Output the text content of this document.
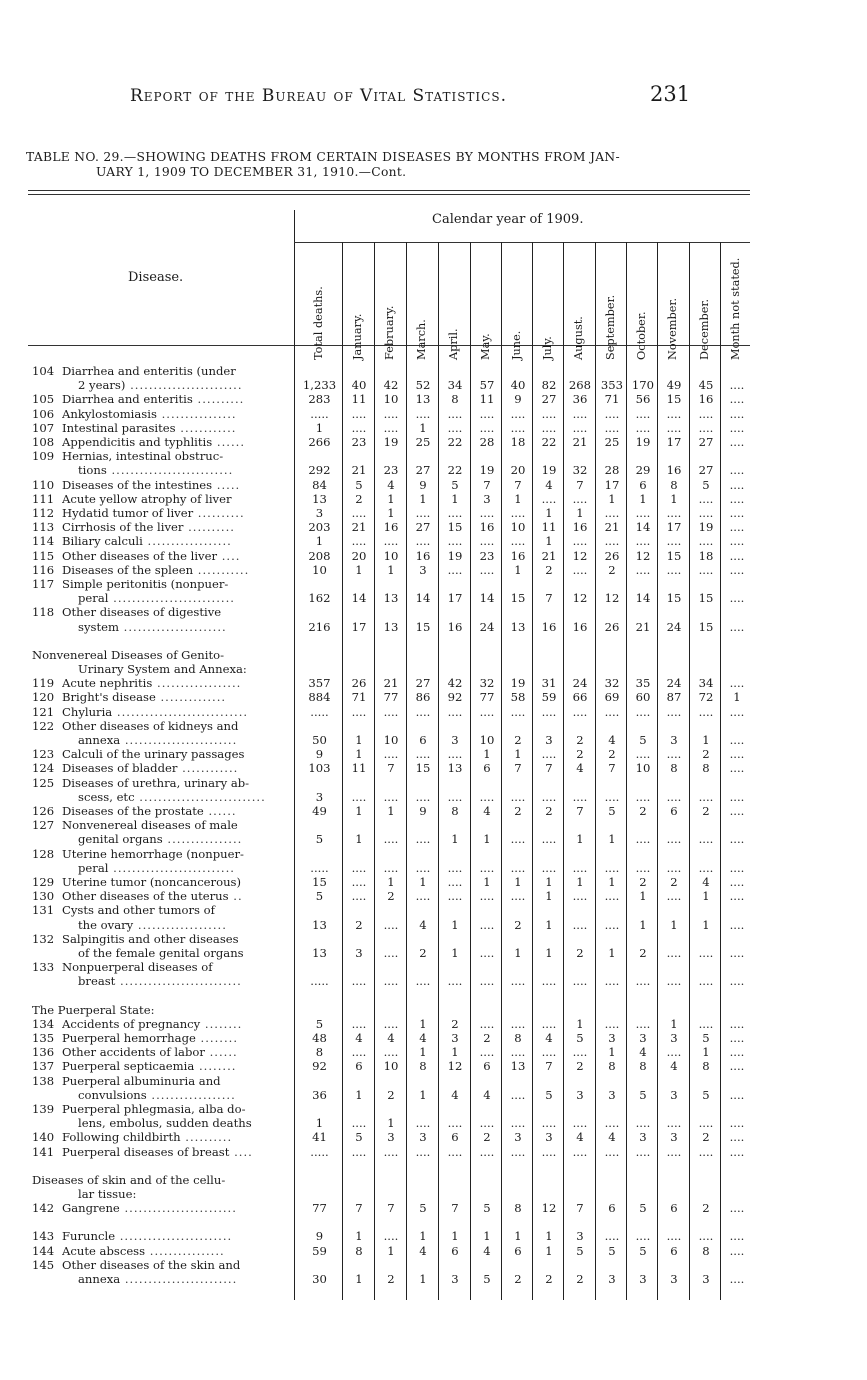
Report of the Bureau of Vital Statistics.	231
TABLE NO. 29.—SHOWING DEATHS FROM CERTAIN DISEASES BY MONTHS FROM JAN-
UARY 1, 1909 TO DECEMBER 31, 1910.—Cont.
Disease.
Calendar year of 1909.
Total deaths. January. February. March. April. May. June. July. August. September. October. November. December. Month not stated.
104 Diarrhea and enteritis (under
2 years) ........................	1,233	40	42	52	34	57	40	82	268 353 170	49	45	....
105 Diarrhea and enteritis ..........	283	11	10	13	8	11	9	27	36	71	56	15	16	....
106 Ankylostomiasis ................	.....	....	....	....	....	....	....	....	....	....	....	....	....	....
107 Intestinal parasites ............	1	....	....	1	....	....	....	....	....	....	....	....	....	....
108 Appendicitis and typhlitis ......	266	23	19	25	22	28	18	22	21	25	19	17	27	....
109 Hernias, intestinal obstruc-
tions ..........................	292	21	23	27	22	19	20	19	32	28	29	16	27	....
110 Diseases of the intestines .....	84	5	4	9	5	7	7	4	7	17	6	8	5	....
111 Acute yellow atrophy of liver	13	2	1	1	1	3	1	....	....	1	1	1	....	....
112 Hydatid tumor of liver ..........	3	....	1	....	....	....	....	1	1	....	....	....	....	....
113 Cirrhosis of the liver ..........	203	21	16	27	15	16	10	11	16	21	14	17	19	....
114 Biliary calculi ..................	1	....	....	....	....	....	....	1	....	....	....	....	....	....
115 Other diseases of the liver ....	208	20	10	16	19	23	16	21	12	26	12	15	18	....
116 Diseases of the spleen ...........	10	1	1	3	....	....	1	2	....	2	....	....	....	....
117 Simple peritonitis (nonpuer-
peral ..........................	162	14	13	14	17	14	15	7	12	12	14	15	15	....
118 Other diseases of digestive
system ......................	216	17	13	15	16	24	13	16	16	26	21	24	15	....
Nonvenereal Diseases of Genito-
Urinary System and Annexa:
119 Acute nephritis ..................	357	26	21	27	42	32	19	31	24	32	35	24	34	....
120 Bright's disease ..............	884	71	77	86	92	77	58	59	66	69	60	87	72	1
121 Chyluria ............................	.....	....	....	....	....	....	....	....	....	....	....	....	....	....
122 Other diseases of kidneys and
annexa ........................	50	1	10	6	3	10	2	3	2	4	5	3	1	....
123 Calculi of the urinary passages	9	1	....	....	....	1	1	....	2	2	....	....	2	....
124 Diseases of bladder ............	103	11	7	15	13	6	7	7	4	7	10	8	8	....
125 Diseases of urethra, urinary ab-
scess, etc ...........................	3	....	....	....	....	....	....	....	....	....	....	....	....	....
126 Diseases of the prostate ......	49	1	1	9	8	4	2	2	7	5	2	6	2	....
127 Nonvenereal diseases of male
genital organs ................	5	1	....	....	1	1	....	....	1	1	....	....	....	....
128 Uterine hemorrhage (nonpuer-
peral ..........................	.....	....	....	....	....	....	....	....	....	....	....	....	....	....
129 Uterine tumor (noncancerous)	15	....	1	1	....	1	1	1	1	1	2	2	4	....
130 Other diseases of the uterus ..	5	....	2	....	....	....	....	1	....	....	1	....	1	....
131 Cysts and other tumors of
the ovary ...................	13	2	....	4	1	....	2	1	....	....	1	1	1	....
132 Salpingitis and other diseases
of the female genital organs	13	3	....	2	1	....	1	1	2	1	2	....	....	....
133 Nonpuerperal diseases of
breast ..........................	.....	....	....	....	....	....	....	....	....	....	....	....	....	....
The Puerperal State:
134 Accidents of pregnancy ........	5	....	....	1	2	....	....	....	1	....	....	1	....	....
135 Puerperal hemorrhage ........	48	4	4	4	3	2	8	4	5	3	3	3	5	....
136 Other accidents of labor ......	8	....	....	1	1	....	....	....	....	1	4	....	1	....
137 Puerperal septicaemia ........	92	6	10	8	12	6	13	7	2	8	8	4	8	....
138 Puerperal albuminuria and
convulsions ..................	36	1	2	1	4	4	....	5	3	3	5	3	5	....
139 Puerperal phlegmasia, alba do-
lens, embolus, sudden deaths	1	....	1	....	....	....	....	....	....	....	....	....	....	....
140 Following childbirth ..........	41	5	3	3	6	2	3	3	4	4	3	3	2	....
141 Puerperal diseases of breast ....	.....	....	....	....	....	....	....	....	....	....	....	....	....	....
Diseases of skin and of the cellu-
lar tissue:
142 Gangrene ........................	77	7	7	5	7	5	8	12	7	6	5	6	2	....
143 Furuncle ........................	9	1	....	1	1	1	1	1	3	....	....	....	....	....
144 Acute abscess ................	59	8	1	4	6	4	6	1	5	5	5	6	8	....
145 Other diseases of the skin and
annexa ........................	30	1	2	1	3	5	2	2	2	3	3	3	3	....
